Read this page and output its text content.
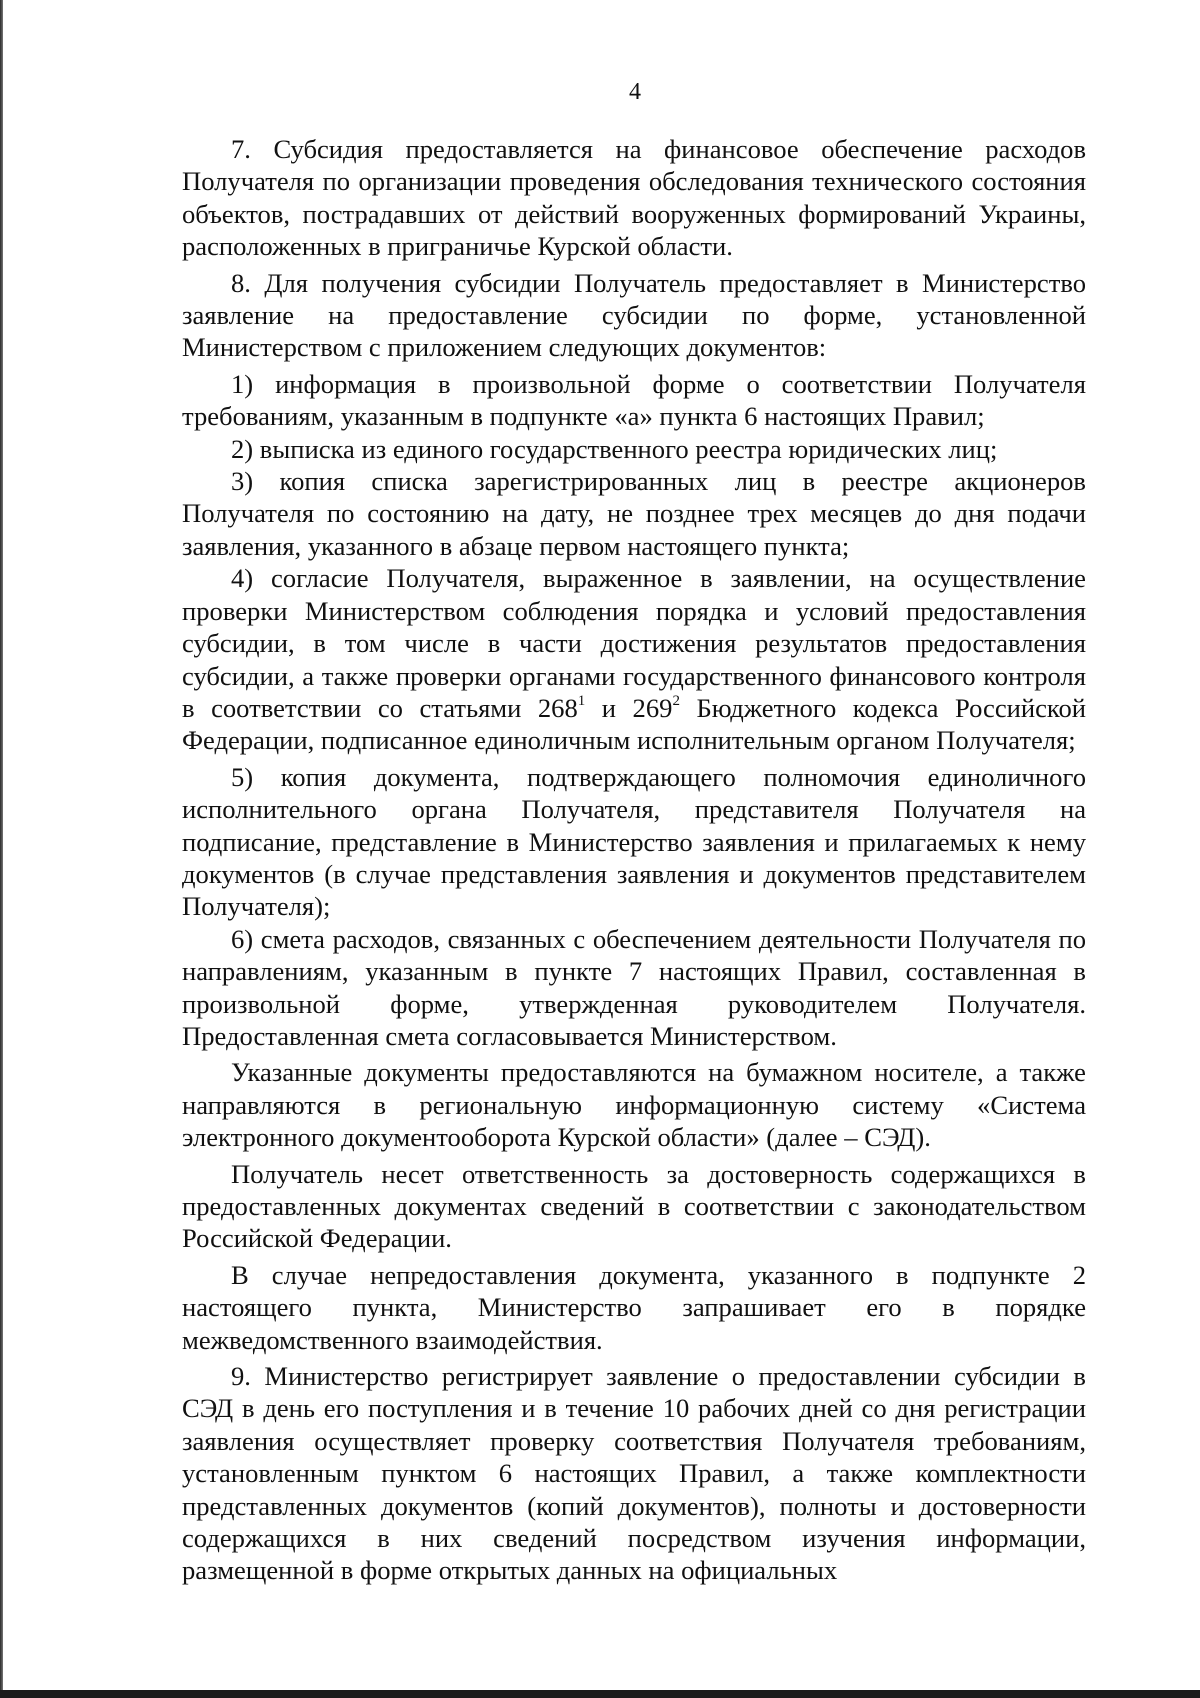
4

7. Субсидия предоставляется на финансовое обеспечение расходов Получателя по организации проведения обследования технического состояния объектов, пострадавших от действий вооруженных формирований Украины, расположенных в приграничье Курской области.

8. Для получения субсидии Получатель предоставляет в Министерство заявление на предоставление субсидии по форме, установленной Министерством с приложением следующих документов:

1) информация в произвольной форме о соответствии Получателя требованиям, указанным в подпункте «а» пункта 6 настоящих Правил;

2) выписка из единого государственного реестра юридических лиц;

3) копия списка зарегистрированных лиц в реестре акционеров Получателя по состоянию на дату, не позднее трех месяцев до дня подачи заявления, указанного в абзаце первом настоящего пункта;

4) согласие Получателя, выраженное в заявлении, на осуществление проверки Министерством соблюдения порядка и условий предоставления субсидии, в том числе в части достижения результатов предоставления субсидии, а также проверки органами государственного финансового контроля в соответствии со статьями $268^1$ и $269^2$ Бюджетного кодекса Российской Федерации, подписанное единоличным исполнительным органом Получателя;

5) копия документа, подтверждающего полномочия единоличного исполнительного органа Получателя, представителя Получателя на подписание, представление в Министерство заявления и прилагаемых к нему документов (в случае представления заявления и документов представителем Получателя);

6) смета расходов, связанных с обеспечением деятельности Получателя по направлениям, указанным в пункте 7 настоящих Правил, составленная в произвольной форме, утвержденная руководителем Получателя. Предоставленная смета согласовывается Министерством.

Указанные документы предоставляются на бумажном носителе, а также направляются в региональную информационную систему «Система электронного документооборота Курской области» (далее – СЭД).

Получатель несет ответственность за достоверность содержащихся в предоставленных документах сведений в соответствии с законодательством Российской Федерации.

В случае непредоставления документа, указанного в подпункте 2 настоящего пункта, Министерство запрашивает его в порядке межведомственного взаимодействия.

9. Министерство регистрирует заявление о предоставлении субсидии в СЭД в день его поступления и в течение 10 рабочих дней со дня регистрации заявления осуществляет проверку соответствия Получателя требованиям, установленным пунктом 6 настоящих Правил, а также комплектности представленных документов (копий документов), полноты и достоверности содержащихся в них сведений посредством изучения информации, размещенной в форме открытых данных на официальных
